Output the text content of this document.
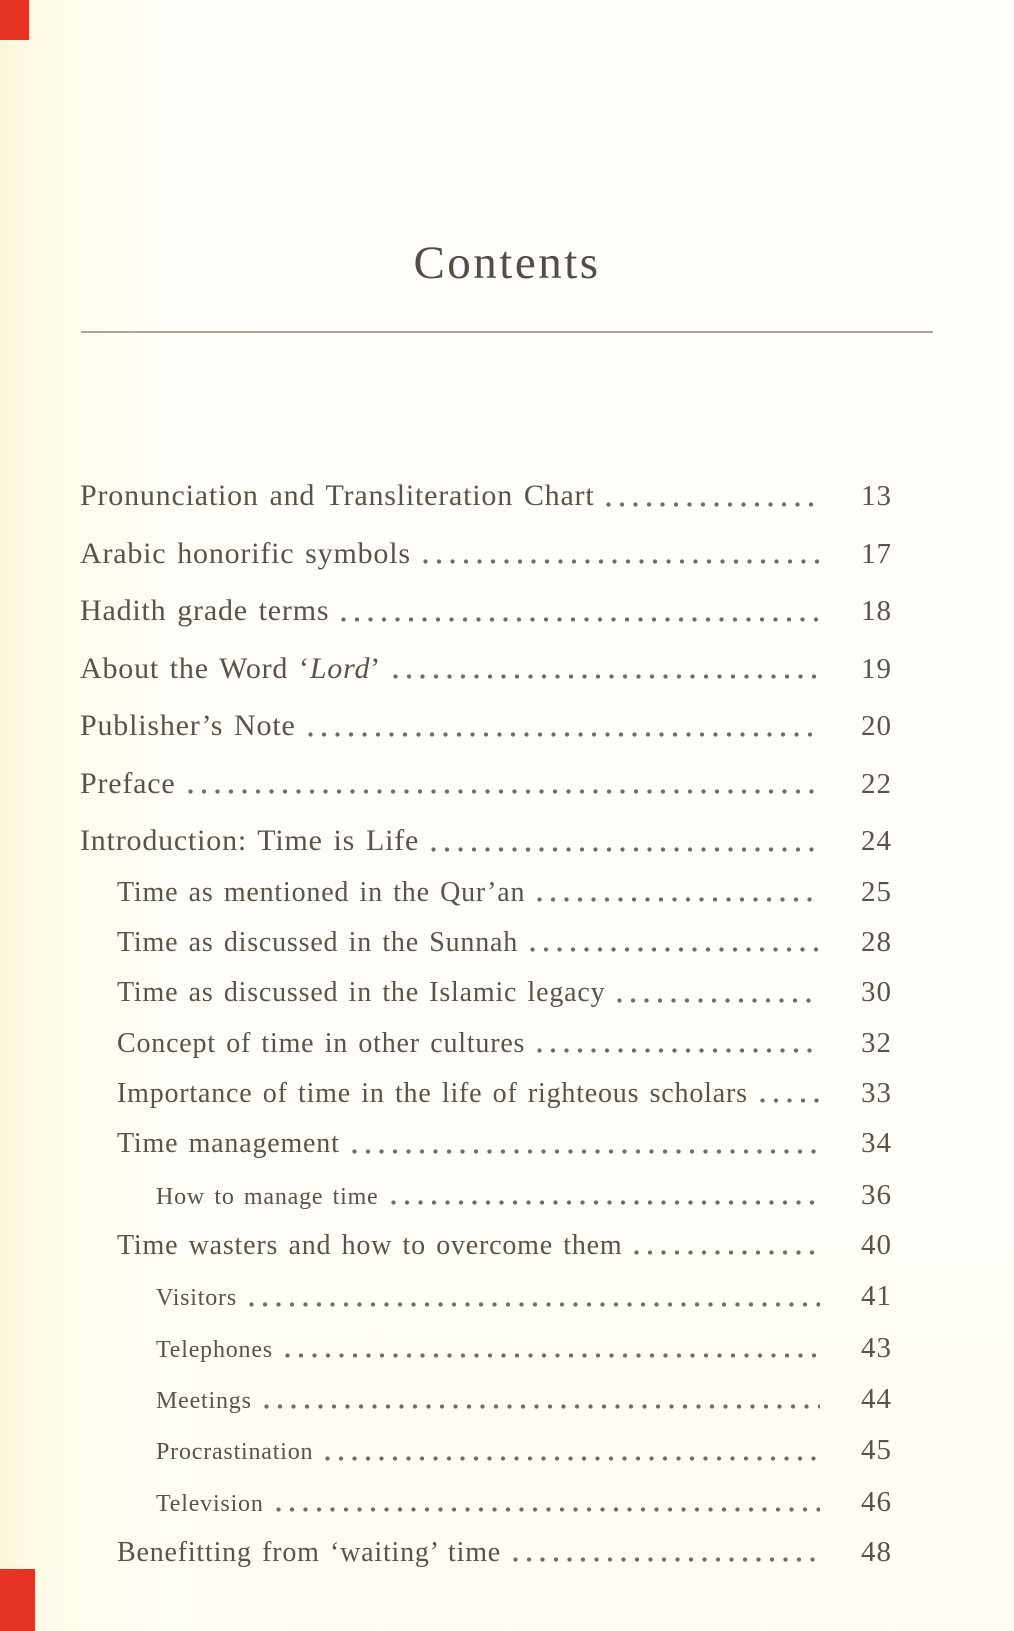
Contents
Pronunciation and Transliteration Chart	13
Arabic honorific symbols	17
Hadith grade terms	18
About the Word ‘Lord’	19
Publisher’s Note	20
Preface	22
Introduction: Time is Life	24
Time as mentioned in the Qur’an	25
Time as discussed in the Sunnah	28
Time as discussed in the Islamic legacy	30
Concept of time in other cultures	32
Importance of time in the life of righteous scholars	33
Time management	34
How to manage time	36
Time wasters and how to overcome them	40
Visitors	41
Telephones	43
Meetings	44
Procrastination	45
Television	46
Benefitting from ‘waiting’ time	48
